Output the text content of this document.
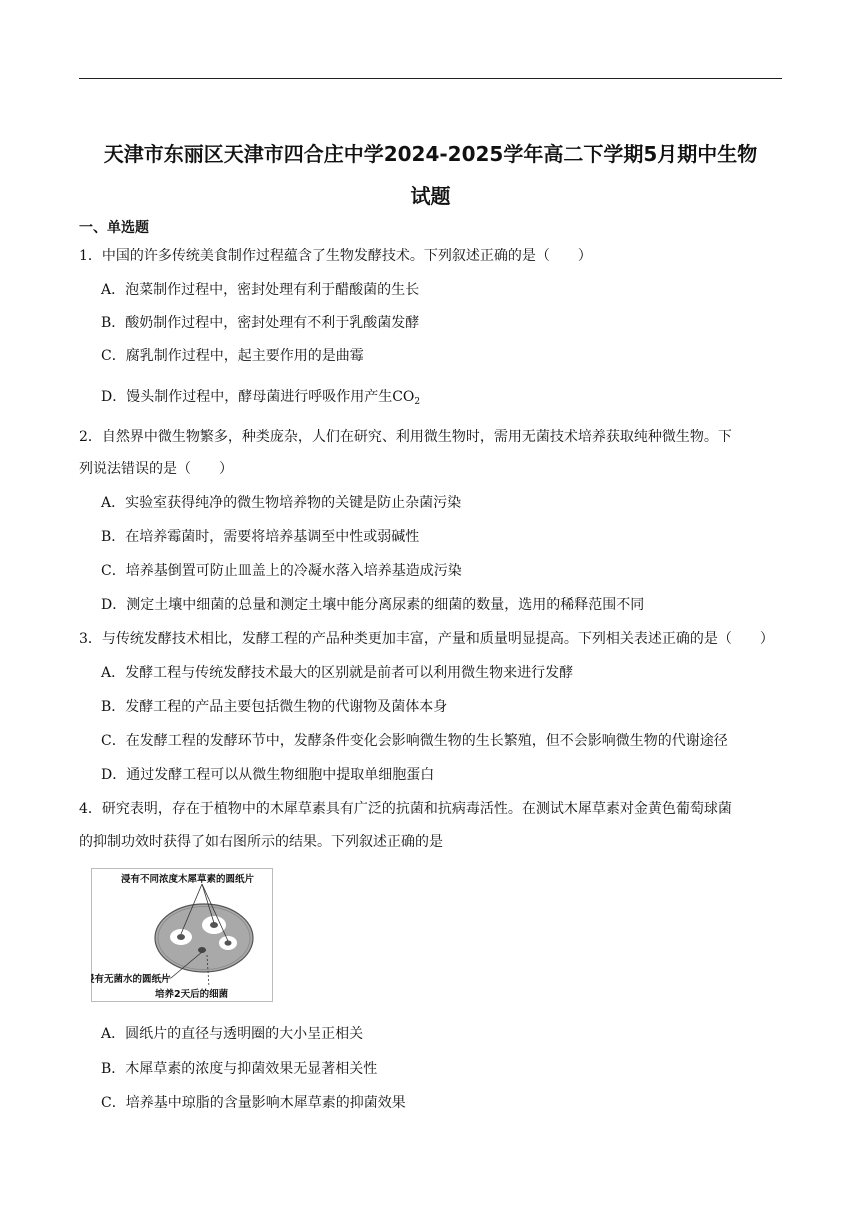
天津市东丽区天津市四合庄中学2024-2025学年高二下学期5月期中生物
试题
一、单选题
1．中国的许多传统美食制作过程蕴含了生物发酵技术。下列叙述正确的是（　　）
A．泡菜制作过程中，密封处理有利于醋酸菌的生长
B．酸奶制作过程中，密封处理有不利于乳酸菌发酵
C．腐乳制作过程中，起主要作用的是曲霉
D．馒头制作过程中，酵母菌进行呼吸作用产生$CO_2$
2．自然界中微生物繁多，种类庞杂，人们在研究、利用微生物时，需用无菌技术培养获取纯种微生物。下
列说法错误的是（　　）
A．实验室获得纯净的微生物培养物的关键是防止杂菌污染
B．在培养霉菌时，需要将培养基调至中性或弱碱性
C．培养基倒置可防止皿盖上的冷凝水落入培养基造成污染
D．测定土壤中细菌的总量和测定土壤中能分离尿素的细菌的数量，选用的稀释范围不同
3．与传统发酵技术相比，发酵工程的产品种类更加丰富，产量和质量明显提高。下列相关表述正确的是（　　）
A．发酵工程与传统发酵技术最大的区别就是前者可以利用微生物来进行发酵
B．发酵工程的产品主要包括微生物的代谢物及菌体本身
C．在发酵工程的发酵环节中，发酵条件变化会影响微生物的生长繁殖，但不会影响微生物的代谢途径
D．通过发酵工程可以从微生物细胞中提取单细胞蛋白
4．研究表明，存在于植物中的木犀草素具有广泛的抗菌和抗病毒活性。在测试木犀草素对金黄色葡萄球菌
的抑制功效时获得了如右图所示的结果。下列叙述正确的是
浸有不同浓度木犀草素的圆纸片
浸有无菌水的圆纸片
培养2天后的细菌
A．圆纸片的直径与透明圈的大小呈正相关
B．木犀草素的浓度与抑菌效果无显著相关性
C．培养基中琼脂的含量影响木犀草素的抑菌效果
